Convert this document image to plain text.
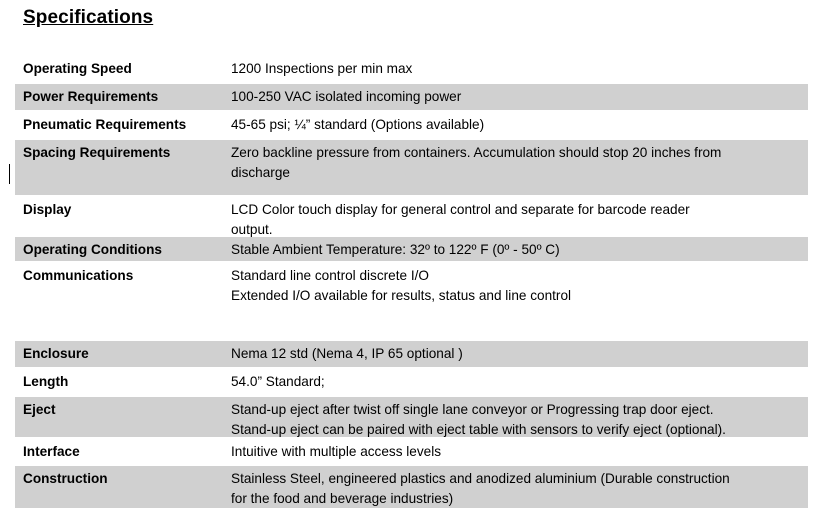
Specifications
Operating Speed	1200 Inspections per min max
Power Requirements	100-250 VAC isolated incoming power
Pneumatic Requirements	45-65 psi; ¼” standard (Options available)
Spacing Requirements	Zero backline pressure from containers. Accumulation should stop 20 inches from
discharge
Display	LCD Color touch display for general control and separate for barcode reader
output.
Operating Conditions	Stable Ambient Temperature: 32º to 122º F (0º - 50º C)
Communications	Standard line control discrete I/O
Extended I/O available for results, status and line control
Enclosure	Nema 12 std (Nema 4, IP 65 optional )
Length	54.0” Standard;
Eject	Stand-up eject after twist off single lane conveyor or Progressing trap door eject.
Stand-up eject can be paired with eject table with sensors to verify eject (optional).
Interface	Intuitive with multiple access levels
Construction	Stainless Steel, engineered plastics and anodized aluminium (Durable construction
for the food and beverage industries)
